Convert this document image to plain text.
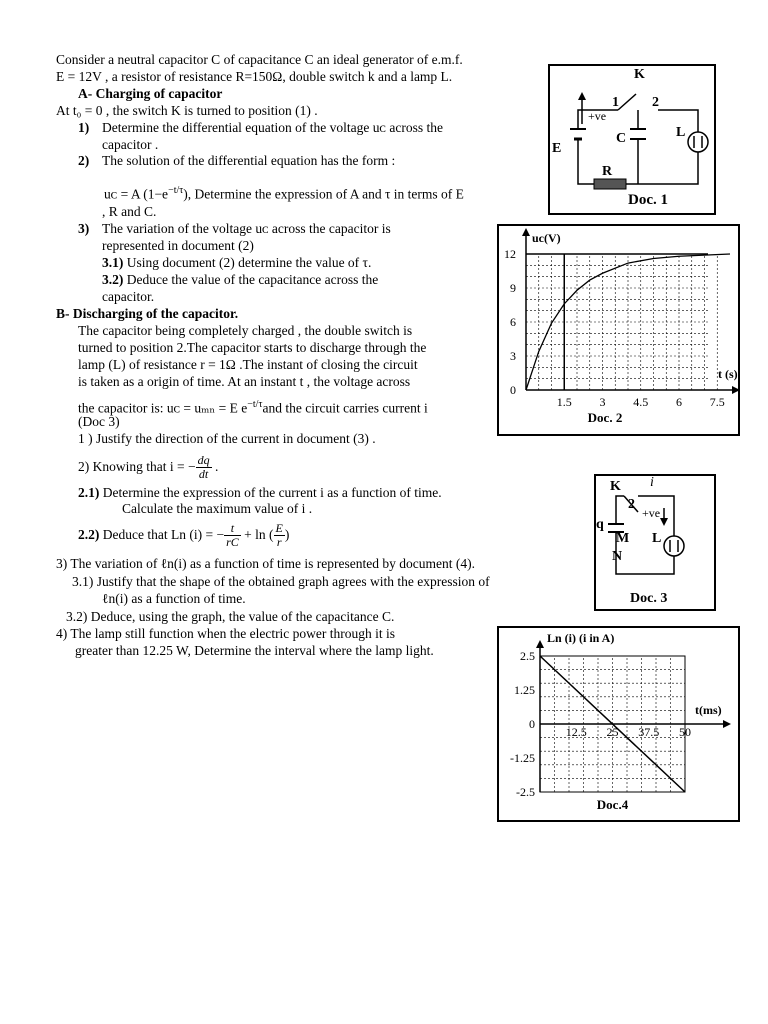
Consider a neutral capacitor C of capacitance C an ideal generator of e.m.f.
E = 12V , a resistor of resistance R=150Ω, double switch k and a lamp L.
A- Charging of capacitor
At t₀ = 0 , the switch K is turned to position (1) .
1) Determine the differential equation of the voltage uᴄ across the
capacitor .
2) The solution of the differential equation has the form :
uᴄ = A $(1-e^{-t/\tau})$, Determine the expression of A and τ in terms of E
, R and C.
3) The variation of the voltage uᴄ across the capacitor is
represented in document (2)
3.1) Using document (2) determine the value of τ.
3.2) Deduce the value of the capacitance across the
capacitor.
B- Discharging of the capacitor.
The capacitor being completely charged , the double switch is
turned to position 2.The capacitor starts to discharge through the
lamp (L) of resistance r = 1Ω .The instant of closing the circuit
is taken as a origin of time. At an instant t , the voltage across
the capacitor is: uᴄ = uₘₙ = E $e^{-t/\tau}and$ the circuit carries current i
(Doc 3)
1 ) Justify the direction of the current in document (3) .
2) Knowing that i = − $\frac{dq}{dt}$ .
2.1) Determine the expression of the current i as a function of time.
Calculate the maximum value of i .
2.2) Deduce that Ln (i) = − $\frac{t}{rC} + \ln$ ( $\frac{E}{r}$ )
3) The variation of ℓn(i) as a function of time is represented by document (4).
3.1) Justify that the shape of the obtained graph agrees with the expression of
ℓn(i) as a function of time.
3.2) Deduce, using the graph, the value of the capacitance C.
4) The lamp still function when the electric power through it is
greater than 12.25 W, Determine the interval where the lamp light.
K
1 2
+ve
C	L
E
R
Doc. 1
1.5 3 4.5 6 7.5
0
3
6
9
12
uc(V)
t (s)
Doc. 2
K i
2
+ve
q
M
N
L
Doc. 3
12.5 25 37.5 50
2.5
1.25
0
-1.25
-2.5
Ln (i) (i in A)
t(ms)
Doc.4
